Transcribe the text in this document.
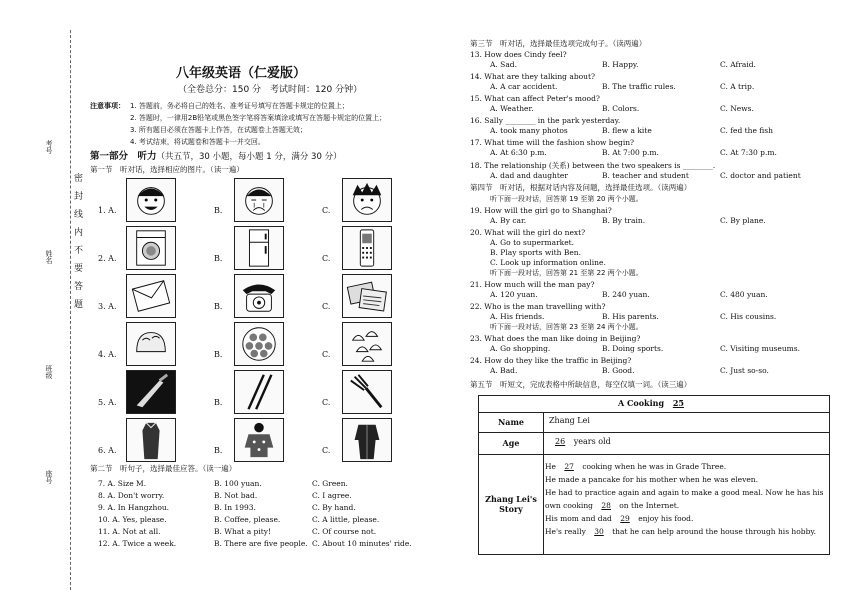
考号
姓名
班级
座号
密
封
线
内
不
要
答
题
八年级英语（仁爱版）
（全卷总分：150 分　考试时间：120 分钟）
注意事项： 1. 答题前，务必将自己的姓名、准考证号填写在答题卡规定的位置上；
2. 答题时，一律用2B铅笔或黑色签字笔将答案填涂或填写在答题卡规定的位置上；
3. 所有题目必须在答题卡上作答，在试题卷上答题无效；
4. 考试结束，将试题卷和答题卡一并交回。
第一部分　听力（共五节，30 小题，每小题 1 分，满分 30 分）
第一节　听对话，选择相应的图片。（读一遍）
1. A.	B.	C.
2. A.	B.	C.
3. A.	B.	C.
4. A.	B.	C.
5. A.	B.	C.
6. A.	B.	C.
第二节　听句子，选择最佳应答。（读一遍）
7. A. Size M.	B. 100 yuan.	C. Green.
8. A. Don't worry.	B. Not bad.	C. I agree.
9. A. In Hangzhou.	B. In 1993.	C. By hand.
10. A. Yes, please.	B. Coffee, please.	C. A little, please.
11. A. Not at all.	B. What a pity!	C. Of course not.
12. A. Twice a week.	B. There are five people. C. About 10 minutes' ride.
第三节　听对话，选择最佳选项完成句子。（读两遍）
13. How does Cindy feel?
A. Sad.	B. Happy.	C. Afraid.
14. What are they talking about?
A. A car accident.	B. The traffic rules.	C. A trip.
15. What can affect Peter's mood?
A. Weather.	B. Colors.	C. News.
16. Sally ________ in the park yesterday.
A. took many photos	B. flew a kite	C. fed the fish
17. What time will the fashion show begin?
A. At 6:30 p.m.	B. At 7:00 p.m.	C. At 7:30 p.m.
18. The relationship (关系) between the two speakers is ________.
A. dad and daughter	B. teacher and student	C. doctor and patient
第四节　听对话，根据对话内容及问题，选择最佳选项。（读两遍）
听下面一段对话，回答第 19 至第 20 两个小题。
19. How will the girl go to Shanghai?
A. By car.	B. By train.	C. By plane.
20. What will the girl do next?
A. Go to supermarket.
B. Play sports with Ben.
C. Look up information online.
听下面一段对话，回答第 21 至第 22 两个小题。
21. How much will the man pay?
A. 120 yuan.	B. 240 yuan.	C. 480 yuan.
22. Who is the man travelling with?
A. His friends.	B. His parents.	C. His cousins.
听下面一段对话，回答第 23 至第 24 两个小题。
23. What does the man like doing in Beijing?
A. Go shopping.	B. Doing sports.	C. Visiting museums.
24. How do they like the traffic in Beijing?
A. Bad.	B. Good.	C. Just so-so.
第五节　听短文，完成表格中所缺信息，每空仅填一词。（读三遍）
A Cooking 25
Name	Zhang Lei
Age	26 years old
Zhang Lei's Story
He 27 cooking when he was in Grade Three.
He made a pancake for his mother when he was eleven.
He had to practice again and again to make a good meal. Now he has his
own cooking 28 on the Internet.
His mom and dad 29 enjoy his food.
He's really 30 that he can help around the house through his hobby.
